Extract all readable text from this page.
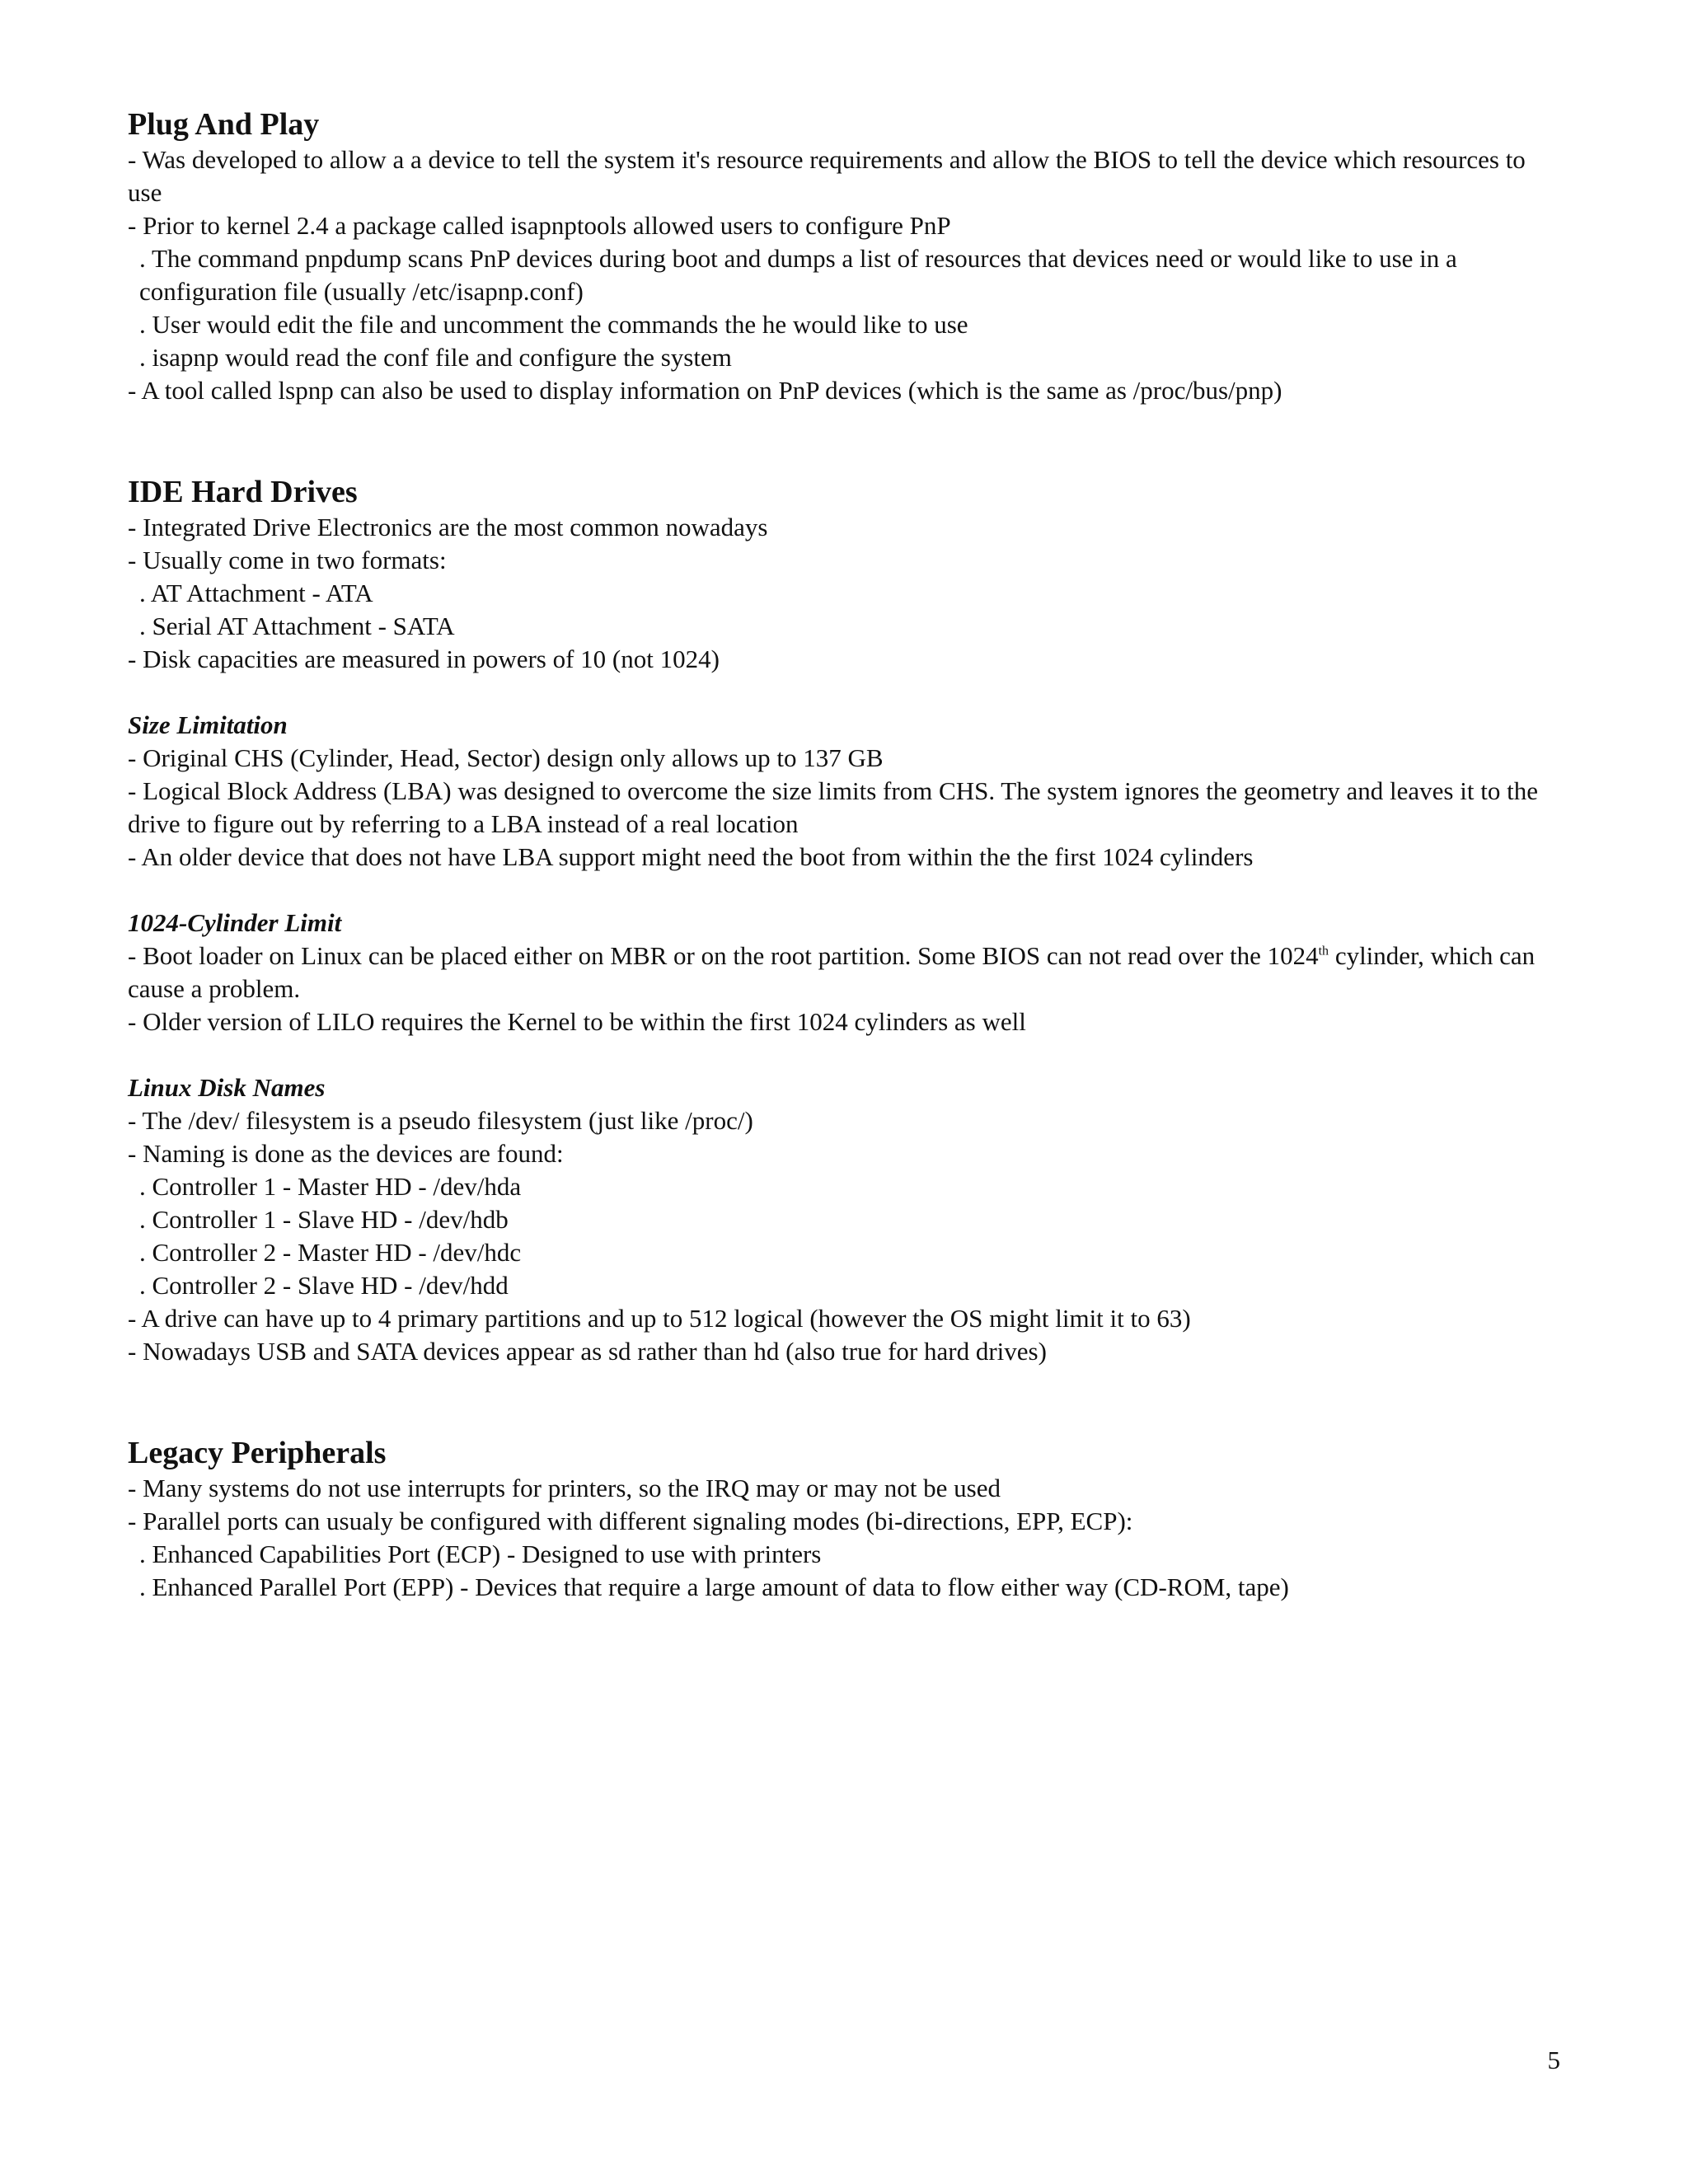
Plug And Play

- Was developed to allow a a device to tell the system it's resource requirements and allow the BIOS to tell the device which resources to use

- Prior to kernel 2.4 a package called isapnptools allowed users to configure PnP

. The command pnpdump scans PnP devices during boot and dumps a list of resources that devices need or would like to use in a configuration file (usually /etc/isapnp.conf)

. User would edit the file and uncomment the commands the he would like to use

. isapnp would read the conf file and configure the system

- A tool called lspnp can also be used to display information on PnP devices (which is the same as /proc/bus/pnp)

IDE Hard Drives

- Integrated Drive Electronics are the most common nowadays

- Usually come in two formats:

. AT Attachment - ATA

. Serial AT Attachment - SATA

- Disk capacities are measured in powers of 10 (not 1024)

Size Limitation

- Original CHS (Cylinder, Head, Sector) design only allows up to 137 GB

- Logical Block Address (LBA) was designed to overcome the size limits from CHS. The system ignores the geometry and leaves it to the drive to figure out by referring to a LBA instead of a real location

- An older device that does not have LBA support might need the boot from within the the first 1024 cylinders

1024-Cylinder Limit

- Boot loader on Linux can be placed either on MBR or on the root partition. Some BIOS can not read over the 1024th cylinder, which can cause a problem.

- Older version of LILO requires the Kernel to be within the first 1024 cylinders as well

Linux Disk Names

- The /dev/ filesystem is a pseudo filesystem (just like /proc/)

- Naming is done as the devices are found:

. Controller 1 - Master HD - /dev/hda

. Controller 1 - Slave HD - /dev/hdb

. Controller 2 - Master HD - /dev/hdc

. Controller 2 - Slave HD - /dev/hdd

- A drive can have up to 4 primary partitions and up to 512 logical (however the OS might limit it to 63)

- Nowadays USB and SATA devices appear as sd rather than hd (also true for hard drives)

Legacy Peripherals

- Many systems do not use interrupts for printers, so the IRQ may or may not be used

- Parallel ports can usualy be configured with different signaling modes (bi-directions, EPP, ECP):

. Enhanced Capabilities Port (ECP) - Designed to use with printers

. Enhanced Parallel Port (EPP) - Devices that require a large amount of data to flow either way (CD-ROM, tape)

5
